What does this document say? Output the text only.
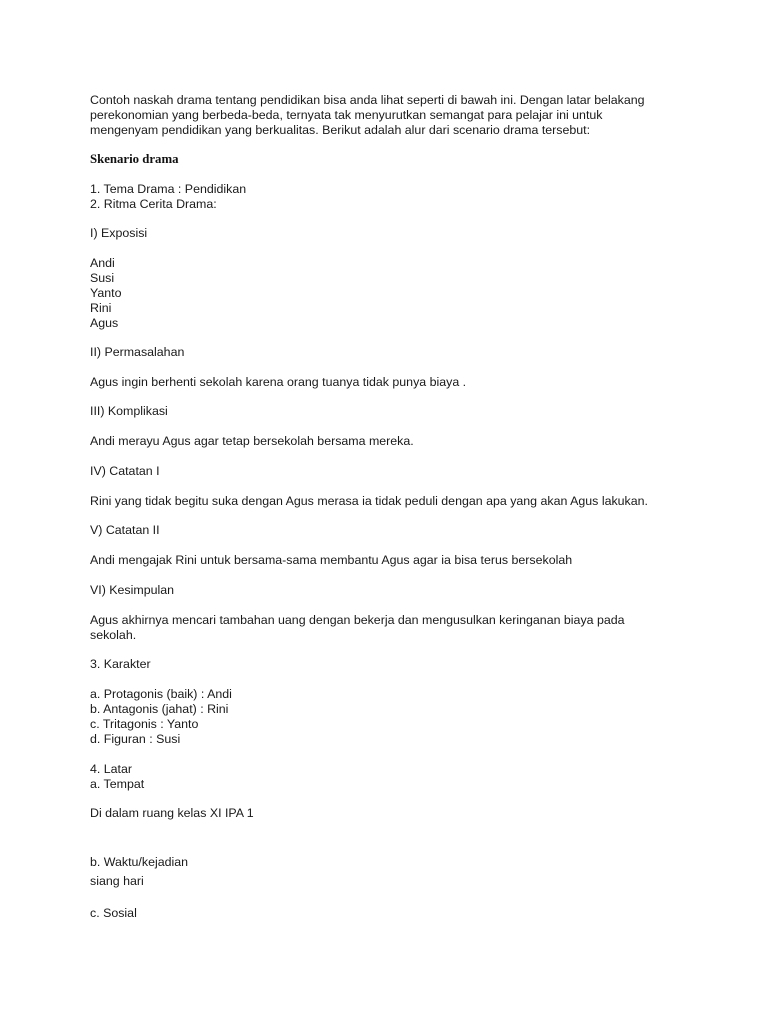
Contoh naskah drama tentang pendidikan bisa anda lihat seperti di bawah ini. Dengan latar belakang

perekonomian yang berbeda-beda, ternyata tak menyurutkan semangat para pelajar ini untuk

mengenyam pendidikan yang berkualitas. Berikut adalah alur dari scenario drama tersebut:

Skenario drama

1. Tema Drama : Pendidikan

2. Ritma Cerita Drama:

I) Exposisi

Andi

Susi

Yanto

Rini

Agus

II) Permasalahan

Agus ingin berhenti sekolah karena orang tuanya tidak punya biaya .

III) Komplikasi

Andi merayu Agus agar tetap bersekolah bersama mereka.

IV) Catatan I

Rini yang tidak begitu suka dengan Agus merasa ia tidak peduli dengan apa yang akan Agus lakukan.

V) Catatan II

Andi mengajak Rini untuk bersama-sama membantu Agus agar ia bisa terus bersekolah

VI) Kesimpulan

Agus akhirnya mencari tambahan uang dengan bekerja dan mengusulkan keringanan biaya pada

sekolah.

3. Karakter

a. Protagonis (baik) : Andi

b. Antagonis (jahat) : Rini

c. Tritagonis : Yanto

d. Figuran : Susi

4. Latar

a. Tempat

Di dalam ruang kelas XI IPA 1

b. Waktu/kejadian

siang hari

c. Sosial
